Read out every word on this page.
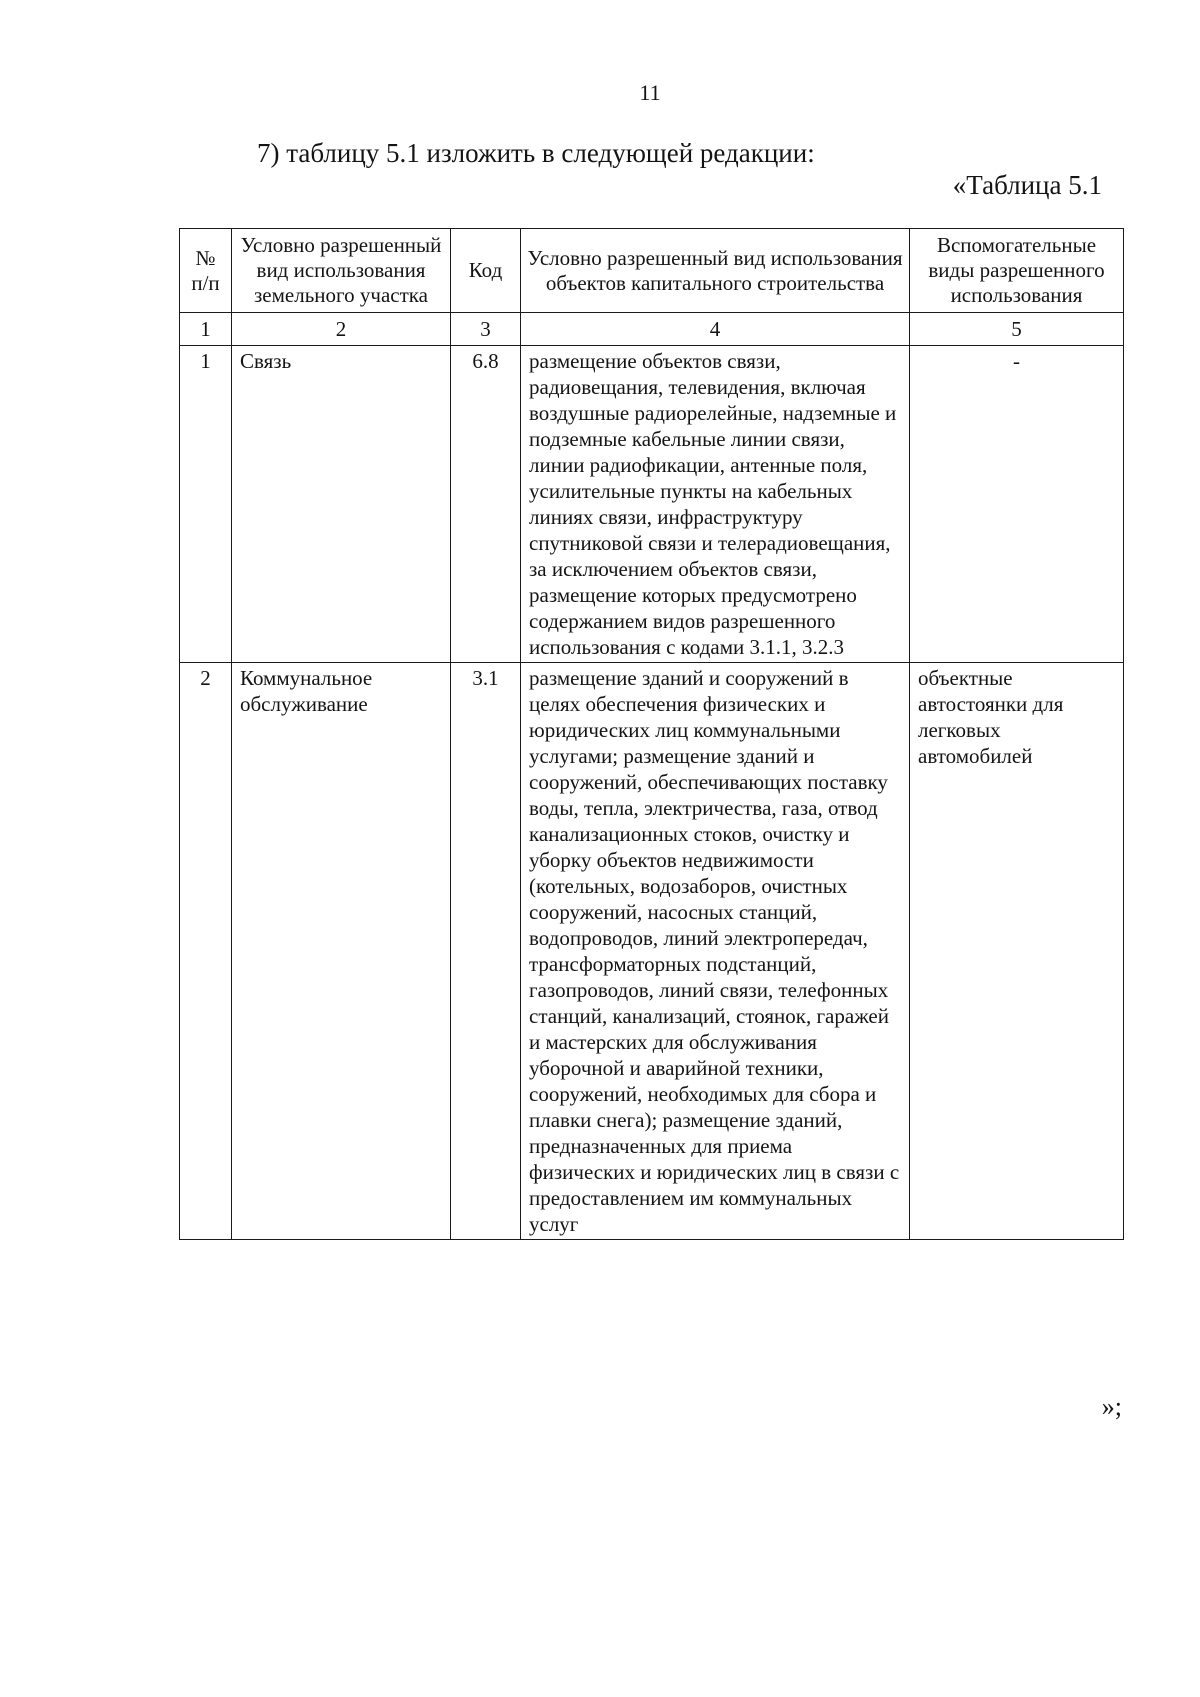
11
7) таблицу 5.1 изложить в следующей редакции:
«Таблица 5.1
№ п/п	Условно разрешенный вид использования земельного участка	Код	Условно разрешенный вид использования объектов капитального строительства	Вспомогательные виды разрешенного использования
1	2	3	4	5
1	Связь	6.8	размещение объектов связи, радиовещания, телевидения, включая воздушные радиорелейные, надземные и подземные кабельные линии связи, линии радиофикации, антенные поля, усилительные пункты на кабельных линиях связи, инфраструктуру спутниковой связи и телерадиовещания, за исключением объектов связи, размещение которых предусмотрено содержанием видов разрешенного использования с кодами 3.1.1, 3.2.3	-
2	Коммунальное обслуживание	3.1	размещение зданий и сооружений в целях обеспечения физических и юридических лиц коммунальными услугами; размещение зданий и сооружений, обеспечивающих поставку воды, тепла, электричества, газа, отвод канализационных стоков, очистку и уборку объектов недвижимости (котельных, водозаборов, очистных сооружений, насосных станций, водопроводов, линий электропередач, трансформаторных подстанций, газопроводов, линий связи, телефонных станций, канализаций, стоянок, гаражей и мастерских для обслуживания уборочной и аварийной техники, сооружений, необходимых для сбора и плавки снега); размещение зданий, предназначенных для приема физических и юридических лиц в связи с предоставлением им коммунальных услуг	объектные автостоянки для легковых автомобилей
»;
